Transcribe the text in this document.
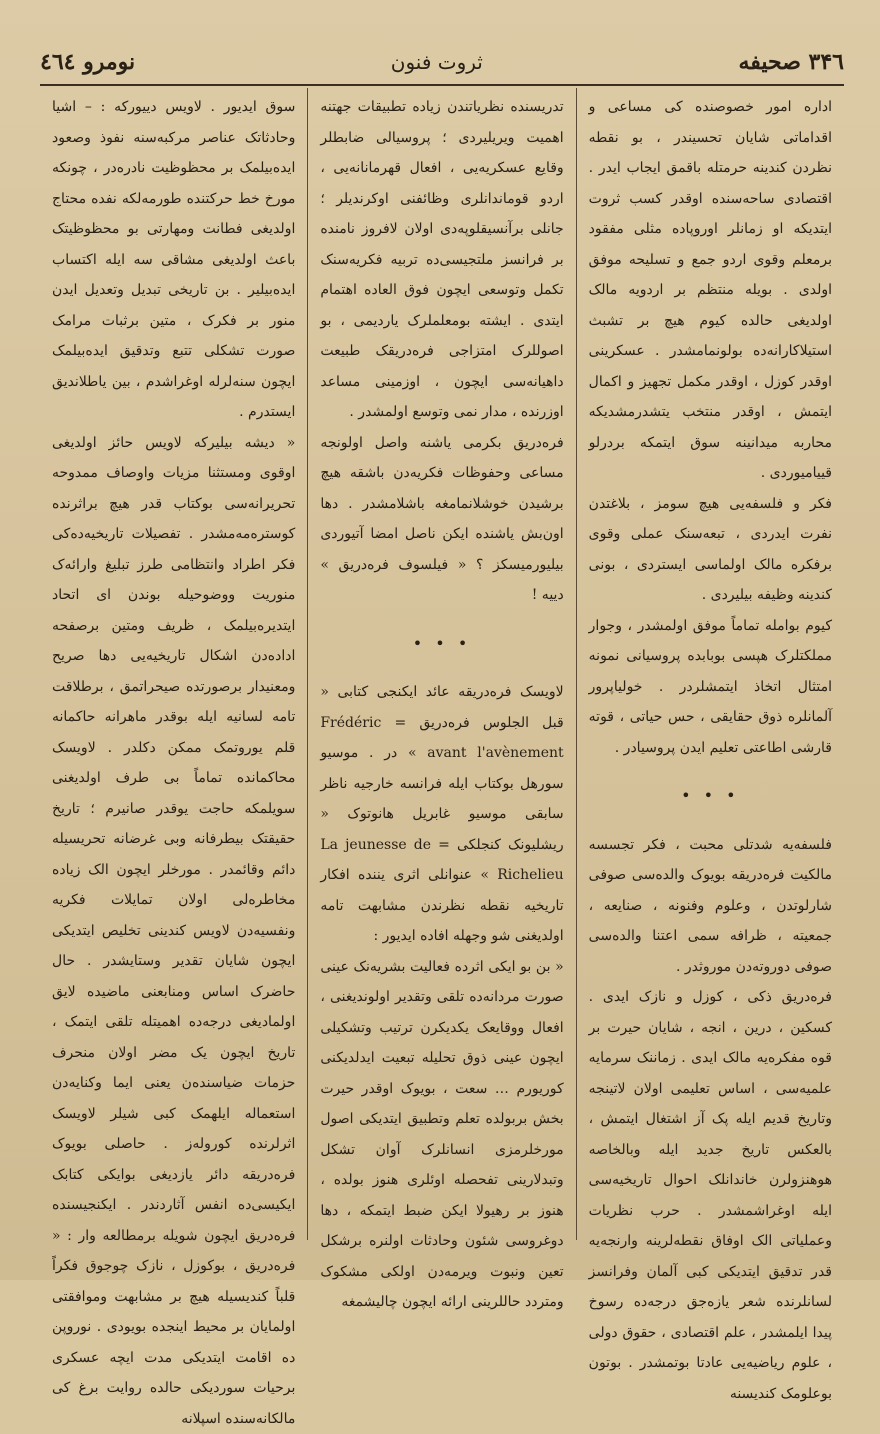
۳۴٦ صحیفه
ثروت فنون
نومرو ٤٦٤

اداره امور خصوصنده کی مساعی و اقداماتی شایان تحسیندر ، بو نقطه نظردن کندینه حرمتله باقمق ایجاب ایدر . اقتصادی ساحه‌سنده اوقدر کسب ثروت ایتدیکه او زمانلر اوروپاده مثلی مفقود برمعلم وقوی اردو جمع و تسلیحه موفق اولدی . بویله منتظم بر اردویه مالک اولدیغی حالده کیوم هیچ بر تشبث استیلاکارانه‌ده بولونمامشدر . عسکرینی اوقدر کوزل ، اوقدر مکمل تجهیز و اکمال ایتمش ، اوقدر منتخب یتشدرمشدیکه محاربه میدانینه سوق ایتمکه بردرلو قییامیوردی .

فکر و فلسفه‌یی هیچ سومز ، بلاغتدن نفرت ایدردی ، تبعه‌سنک عملی وقوی برفکره مالک اولماسی ایستردی ، بونی کندینه وظیفه بیلیردی .

کیوم بوامله تماماً موفق اولمشدر ، وجوار مملکتلرک هپسی بوبابده پروسیانی نمونه امتثال اتخاذ ایتمشلردر . خولیاپرور آلمانلره ذوق حقایقی ، حس حیاتی ، قوته قارشی اطاعتی تعلیم ایدن پروسیادر .

• • •

فلسفه‌یه شدتلی محبت ، فکر تجسسه مالکیت فره‌دریقه بویوک والده‌سی صوفی شارلوتدن ، وعلوم وفنونه ، صنایعه ، جمعیته ، ظرافه سمی اعتنا والده‌سی صوفی دوروته‌دن موروثدر .

فره‌دریق ذکی ، کوزل و نازک ایدی . کسکین ، درین ، انجه ، شایان حیرت بر قوه مفکره‌یه مالک ایدی . زماننک سرمایه علمیه‌سی ، اساس تعلیمی اولان لاتینجه وتاریخ قدیم ایله پک آز اشتغال ایتمش ، بالعکس تاریخ جدید ایله وبالخاصه هوهنزولرن خاندانلک احوال تاریخیه‌سی ایله اوغراشمشدر . حرب نظریات وعملیاتی الک اوفاق نقطه‌لرینه وارنجه‌یه قدر تدقیق ایتدیکی کبی آلمان وفرانسز لسانلرنده شعر یازه‌جق درجه‌ده رسوخ پیدا ایلمشدر ، علم اقتصادی ، حقوق دولی ، علوم ریاضیه‌یی عادتا بوتمشدر . بوتون بوعلومک کندیسنه

تدریسنده نظریاتندن زیاده تطبیقات جهتنه اهمیت ویریلیردی ؛ پروسیالی ضابطلر وقایع عسکریه‌یی ، افعال قهرمانانه‌یی ، اردو قوماندانلری وظائفنی اوکرندیلر ؛ جانلی برآنسیقلوپه‌دی اولان لافروز نامنده بر فرانسز ملتجیسی‌ده تربیه فکریه‌سنک تکمل وتوسعی ایچون فوق العاده اهتمام ایتدی . ایشته بومعلملرک یاردیمی ، بو اصوللرک امتزاجی فره‌دریقک طبیعت داهیانه‌سی ایچون ، اوزمینی مساعد اوزرنده ، مدار نمی وتوسع اولمشدر .

فره‌دریق بکرمی یاشنه واصل اولونجه مساعی وحفوظات فکریه‌دن باشقه هیچ برشیدن خوشلانمامغه باشلامشدر . دها اون‌بش یاشنده ایکن ناصل امضا آتیوردی بیلیورمیسکز ؟ « فیلسوف فره‌دریق » دییه !

• • •

لاویسک فره‌دریقه عائد ایکنجی کتابی « قبل الجلوس فره‌دریق = Frédéric avant l'avènement » در . موسیو سورهل بوکتاب ایله فرانسه خارجیه ناظر سابقی موسیو غابریل هانوتوک « ریشلیونک کنجلکی = La jeunesse de Richelieu » عنوانلی اثری یننده افکار تاریخیه نقطه نظرندن مشابهت تامه اولدیغنی شو وجهله افاده ایدیور :

« بن بو ایکی اثرده فعالیت بشریه‌نک عینی صورت مردانه‌ده تلقی وتقدیر اولوندیغنی ، افعال ووقایعک یکدیکرن ترتیب وتشکیلی ایچون عینی ذوق تحلیله تبعیت ایدلدیکنی کوریورم … سعت ، بویوک اوقدر حیرت بخش بربولده تعلم وتطبیق ایتدیکی اصول مورخلرمزی انسانلرک آوان تشکل وتبدلارینی تفحصله اوئلری هنوز بولده ، هنوز بر رهیولا ایکن ضبط ایتمکه ، دها دوغروسی شئون وحادثات اولنره برشکل تعین ونبوت ویرمه‌دن اولکی مشکوک ومتردد حاللرینی ارائه ایچون چالیشمغه

سوق ایدیور . لاویس دییورکه : – اشیا وحادثاتک عناصر مرکبه‌سنه نفوذ وصعود ایده‌بیلمک بر محظوظیت نادره‌در ، چونکه مورخ خط حرکتنده طورمه‌لکه نفده محتاج اولدیغی فطانت ومهارتی بو محظوظیتک باعث اولدیغی مشاقی سه ایله اکتساب ایده‌بیلیر . بن تاریخی تبدیل وتعدیل ایدن منور بر فکرک ، متین برثبات مرامک صورت تشکلی تتبع وتدقیق ایده‌بیلمک ایچون سنه‌لرله اوغراشدم ، بین یاطلاندیق ایستدرم .

« دیشه بیلیرکه لاویس حائز اولدیغی اوقوی ومستثنا مزیات واوصاف ممدوحه تحریرانه‌سی بوکتاب قدر هیچ براثرنده کوستره‌مه‌مشدر . تفصیلات تاریخیه‌ده‌کی فکر اطراد وانتظامی طرز تبلیغ وارائه‌ک منوریت ووضوحیله بوندن ای اتحاد ایتدیره‌بیلمک ، ظریف ومتین برصفحه اداده‌دن اشکال تاریخیه‌یی دها صریح ومعنیدار برصورتده صیحراتمق ، برطلاقت تامه لسانیه ایله بوقدر ماهرانه حاکمانه قلم یوروتمک ممکن دکلدر . لاویسک محاکمانده تماماً بی طرف اولدیغنی سویلمکه حاجت یوقدر صانیرم ؛ تاریخ حقیقتک بیطرفانه وبی غرضانه تحریسیله دائم وقائمدر . مورخلر ایچون الک زیاده مخاطره‌لی اولان تمایلات فکریه ونفسیه‌دن لاویس کندینی تخلیص ایتدیکی ایچون شایان تقدیر وستایشدر . حال حاضرک اساس ومنابعنی ماضیده لایق اولمادیغی درجه‌ده اهمیتله تلقی ایتمک ، تاریخ ایچون یک مضر اولان منحرف حزمات ضیاسنده‌ن یعنی ایما وکنایه‌دن استعماله ایلهمک کبی شیلر لاویسک اثرلرنده کوروله‌ز . حاصلی بویوک فره‌دریقه دائر یازدیغی بوایکی کتابک ایکیسی‌ده انفس آثاردندر . ایکنجیسنده فره‌دریق ایچون شویله برمطالعه وار : « فره‌دریق ، بوکوزل ، نازک چوجوق فکراً قلباً کندیسیله هیچ بر مشابهت وموافقتی اولمایان بر محیط اینجده بویودی . نوروپن ده اقامت ایتدیکی مدت ایچه عسکری برحیات سوردیکی حالده روایت برغ کی مالکانه‌سنده اسپلانه
